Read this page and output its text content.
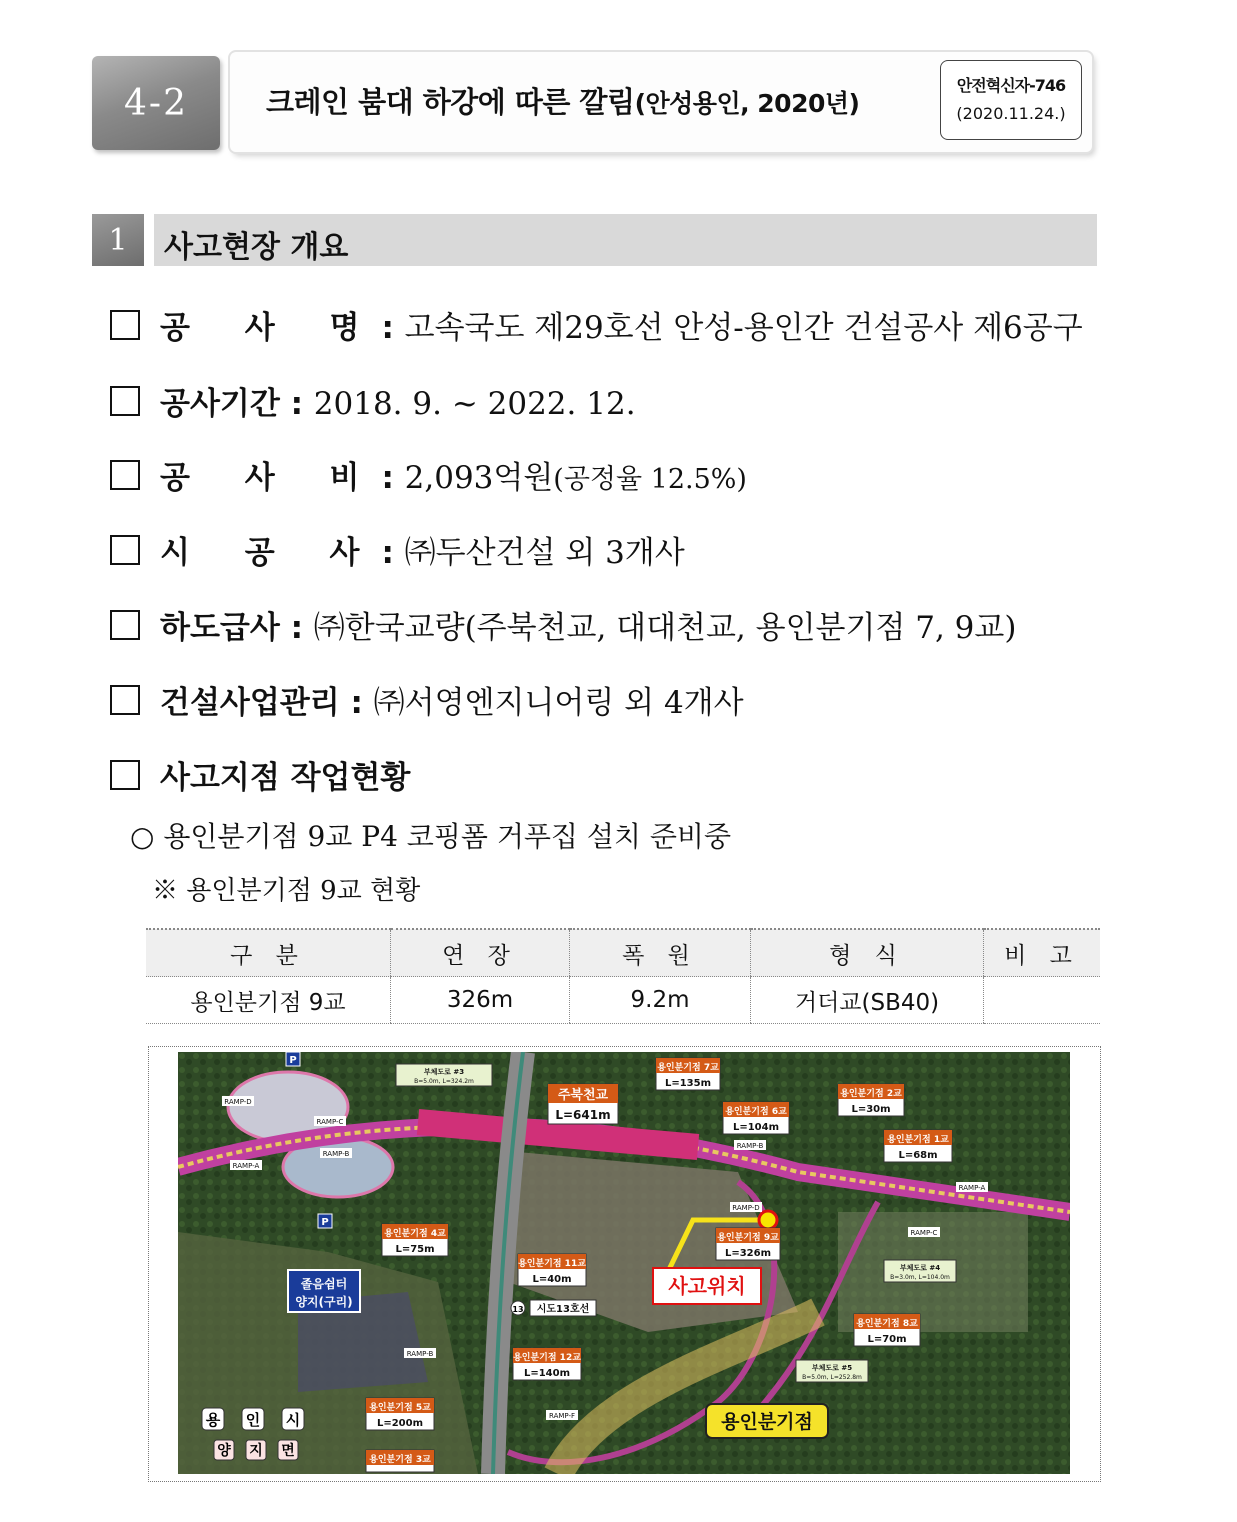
4-2	크레인 붐대 하강에 따른 깔림(안성용인, 2020년)
안전혁신자-746
(2020.11.24.)
1	사고현장 개요
공 사 명: 고속국도 제29호선 안성-용인간 건설공사 제6공구
공사기간 : 2018. 9. ~ 2022. 12.
공 사 비: 2,093억원(공정율 12.5%)
시 공 사: ㈜두산건설 외 3개사
하도급사 : ㈜한국교량(주북천교, 대대천교, 용인분기점 7, 9교)
건설사업관리 : ㈜서영엔지니어링 외 4개사
사고지점 작업현황
○ 용인분기점 9교 P4 코핑폼 거푸집 설치 준비중
※ 용인분기점 9교 현황
구 분	연 장	폭 원	형 식	비 고
용인분기점 9교	326m	9.2m	거더교(SB40)	
주북천교
L=641m
용인분기점 7교
L=135m
용인분기점 6교
L=104m
용인분기점 2교
L=30m
용인분기점 1교
L=68m
용인분기점 9교
L=326m
사고위치
용인분기점 4교
L=75m
용인분기점 11교
L=40m
13 시도13호선
용인분기점 12교
L=140m
용인분기점 5교
L=200m
용인분기점 3교
용인분기점 8교
L=70m
용인분기점
졸음쉼터
양지(구리)
P
P
부체도로 #3
B=5.0m, L=324.2m
부체도로 #4
B=3.0m, L=104.0m
부체도로 #5
B=5.0m, L=252.8m
RAMP-D
RAMP-C
RAMP-B
RAMP-A
RAMP-B
RAMP-A
RAMP-C
RAMP-D
RAMP-B
RAMP-F
용 인 시
양 지 면
